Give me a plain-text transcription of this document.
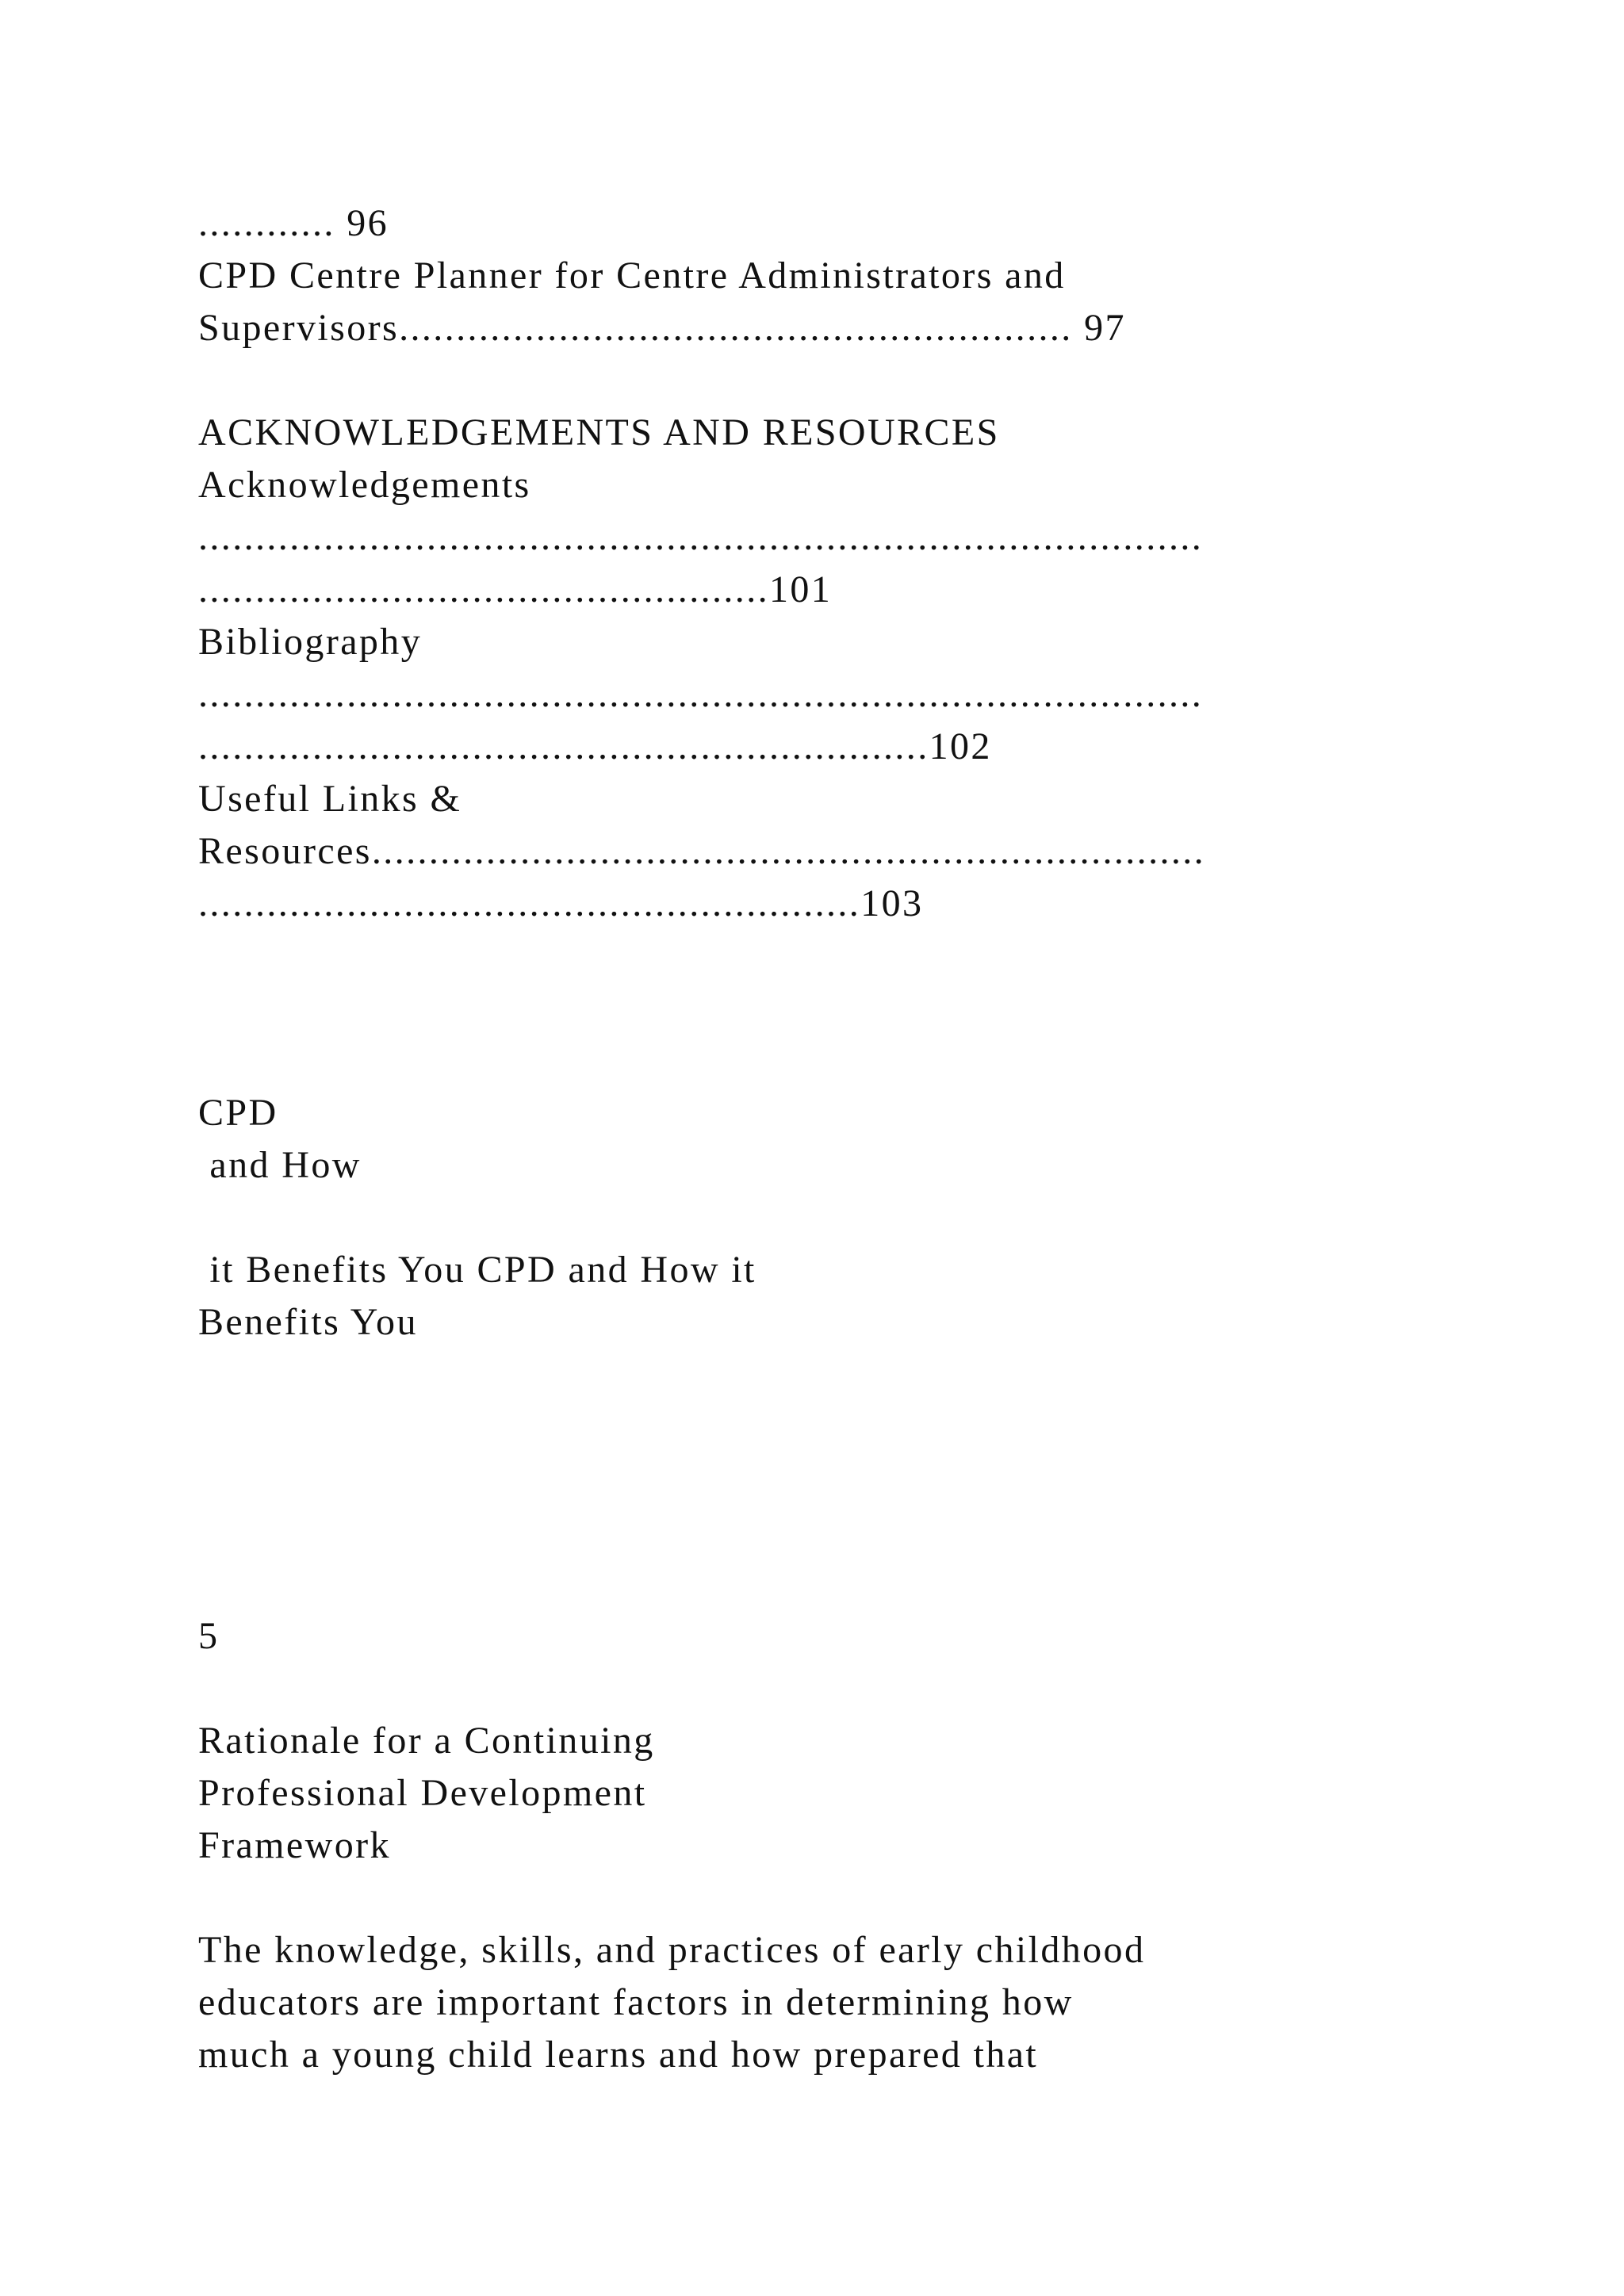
............ 96

CPD Centre Planner for Centre Administrators and

Supervisors........................................................... 97

ACKNOWLEDGEMENTS AND RESOURCES

Acknowledgements

........................................................................................

..................................................101

Bibliography

........................................................................................

................................................................102

Useful Links &

Resources.........................................................................

..........................................................103

CPD

and How

it Benefits You CPD and How it

Benefits You

5

Rationale for a Continuing

Professional Development

Framework

The knowledge, skills, and practices of early childhood

educators are important factors in determining how

much a young child learns and how prepared that
